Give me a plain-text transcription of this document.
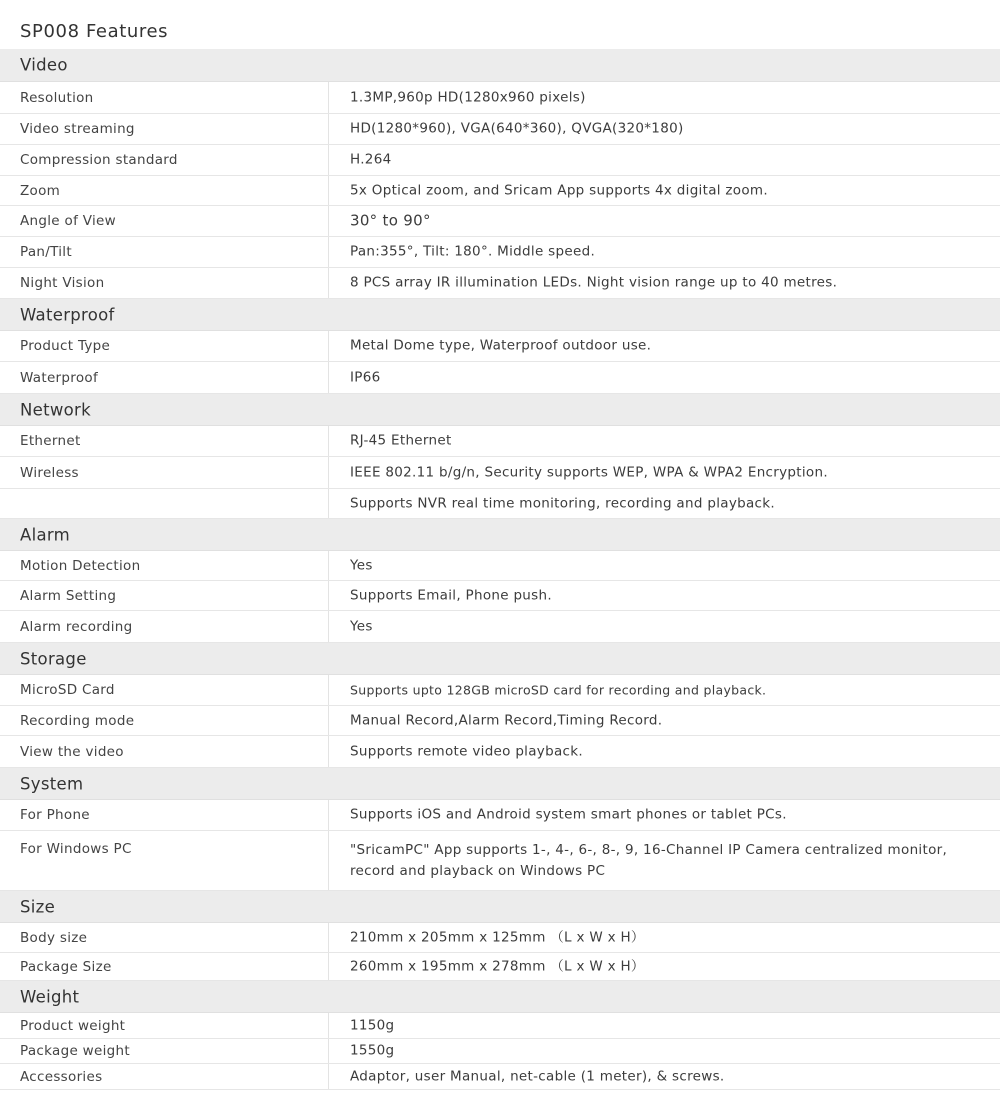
SP008 Features
Video
Resolution	1.3MP,960p HD(1280x960 pixels)
Video streaming	HD(1280*960), VGA(640*360), QVGA(320*180)
Compression standard	H.264
Zoom	5x Optical zoom, and Sricam App supports 4x digital zoom.
Angle of View	30° to 90°
Pan/Tilt	Pan:355°, Tilt: 180°. Middle speed.
Night Vision	8 PCS array IR illumination LEDs. Night vision range up to 40 metres.
Waterproof
Product Type	Metal Dome type, Waterproof outdoor use.
Waterproof	IP66
Network
Ethernet	RJ-45 Ethernet
Wireless	IEEE 802.11 b/g/n, Security supports WEP, WPA & WPA2 Encryption.
Supports NVR real time monitoring, recording and playback.
Alarm
Motion Detection	Yes
Alarm Setting	Supports Email, Phone push.
Alarm recording	Yes
Storage
MicroSD Card	Supports upto 128GB microSD card for recording and playback.
Recording mode	Manual Record,Alarm Record,Timing Record.
View the video	Supports remote video playback.
System
For Phone	Supports iOS and Android system smart phones or tablet PCs.
For Windows PC	"SricamPC" App supports 1-, 4-, 6-, 8-, 9, 16-Channel IP Camera centralized monitor, record and playback on Windows PC
Size
Body size	210mm x 205mm x 125mm （L x W x H）
Package Size	260mm x 195mm x 278mm （L x W x H）
Weight
Product weight	1150g
Package weight	1550g
Accessories	Adaptor, user Manual, net-cable (1 meter), & screws.
